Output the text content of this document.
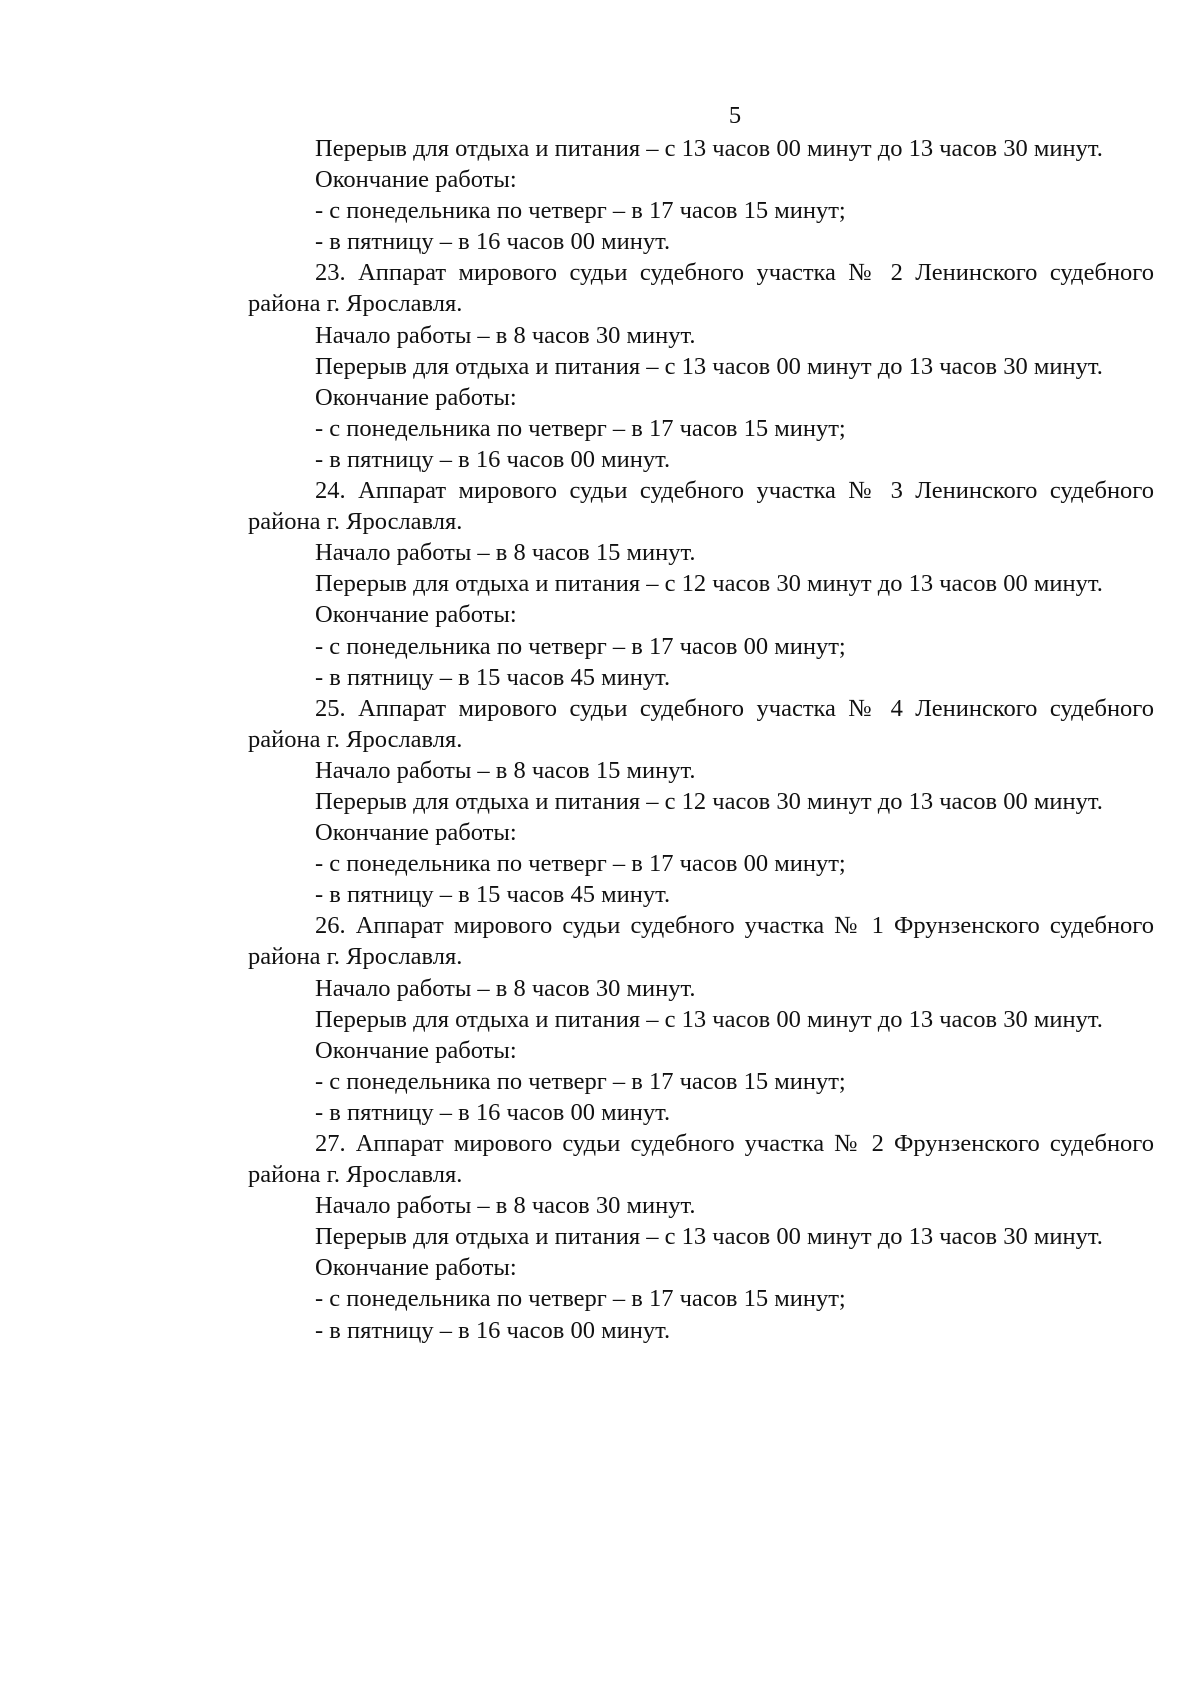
5

Перерыв для отдыха и питания – с 13 часов 00 минут до 13 часов 30 минут.

Окончание работы:

- с понедельника по четверг – в 17 часов 15 минут;

- в пятницу – в 16 часов 00 минут.

23. Аппарат мирового судьи судебного участка № 2 Ленинского судебного района г. Ярославля.

Начало работы – в 8 часов 30 минут.

Перерыв для отдыха и питания – с 13 часов 00 минут до 13 часов 30 минут.

Окончание работы:

- с понедельника по четверг – в 17 часов 15 минут;

- в пятницу – в 16 часов 00 минут.

24. Аппарат мирового судьи судебного участка № 3 Ленинского судебного района г. Ярославля.

Начало работы – в 8 часов 15 минут.

Перерыв для отдыха и питания – с 12 часов 30 минут до 13 часов 00 минут.

Окончание работы:

- с понедельника по четверг – в 17 часов 00 минут;

- в пятницу – в 15 часов 45 минут.

25. Аппарат мирового судьи судебного участка № 4 Ленинского судебного района г. Ярославля.

Начало работы – в 8 часов 15 минут.

Перерыв для отдыха и питания – с 12 часов 30 минут до 13 часов 00 минут.

Окончание работы:

- с понедельника по четверг – в 17 часов 00 минут;

- в пятницу – в 15 часов 45 минут.

26. Аппарат мирового судьи судебного участка № 1 Фрунзенского судебного района г. Ярославля.

Начало работы – в 8 часов 30 минут.

Перерыв для отдыха и питания – с 13 часов 00 минут до 13 часов 30 минут.

Окончание работы:

- с понедельника по четверг – в 17 часов 15 минут;

- в пятницу – в 16 часов 00 минут.

27. Аппарат мирового судьи судебного участка № 2 Фрунзенского судебного района г. Ярославля.

Начало работы – в 8 часов 30 минут.

Перерыв для отдыха и питания – с 13 часов 00 минут до 13 часов 30 минут.

Окончание работы:

- с понедельника по четверг – в 17 часов 15 минут;

- в пятницу – в 16 часов 00 минут.
